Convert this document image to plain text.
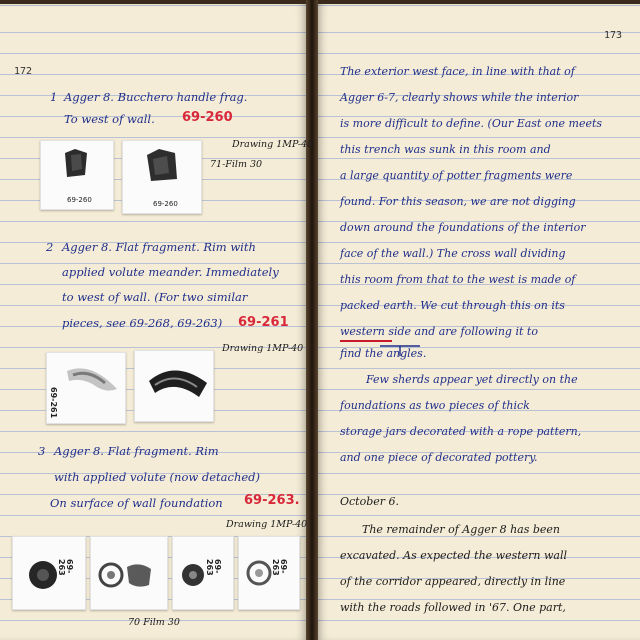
172
1 Agger 8. Bucchero handle frag.
To west of wall. 69-260
Drawing 1MP-40
71-Film 30
69-260	69-260
2 Agger 8. Flat fragment. Rim with
applied volute meander. Immediately
to west of wall. (For two similar
pieces, see 69-268, 69-263) 69-261
Drawing 1MP-40
69-261
3 Agger 8. Flat fragment. Rim
with applied volute (now detached)
On surface of wall foundation 69-263.
Drawing 1MP-40
69-263	69-263	69-263
70 Film 30
173
The exterior west face, in line with that of
Agger 6-7, clearly shows while the interior
is more difficult to define. (Our East one meets
this trench was sunk in this room and
a large quantity of potter fragments were
found. For this season, we are not digging
down around the foundations of the interior
face of the wall.) The cross wall dividing
this room from that to the west is made of
packed earth. We cut through this on its
western side and are following it to
find the angles.
Few sherds appear yet directly on the
foundations as two pieces of thick
storage jars decorated with a rope pattern,
and one piece of decorated pottery.
October 6.
The remainder of Agger 8 has been
excavated. As expected the western wall
of the corridor appeared, directly in line
with the roads followed in '67. One part,
